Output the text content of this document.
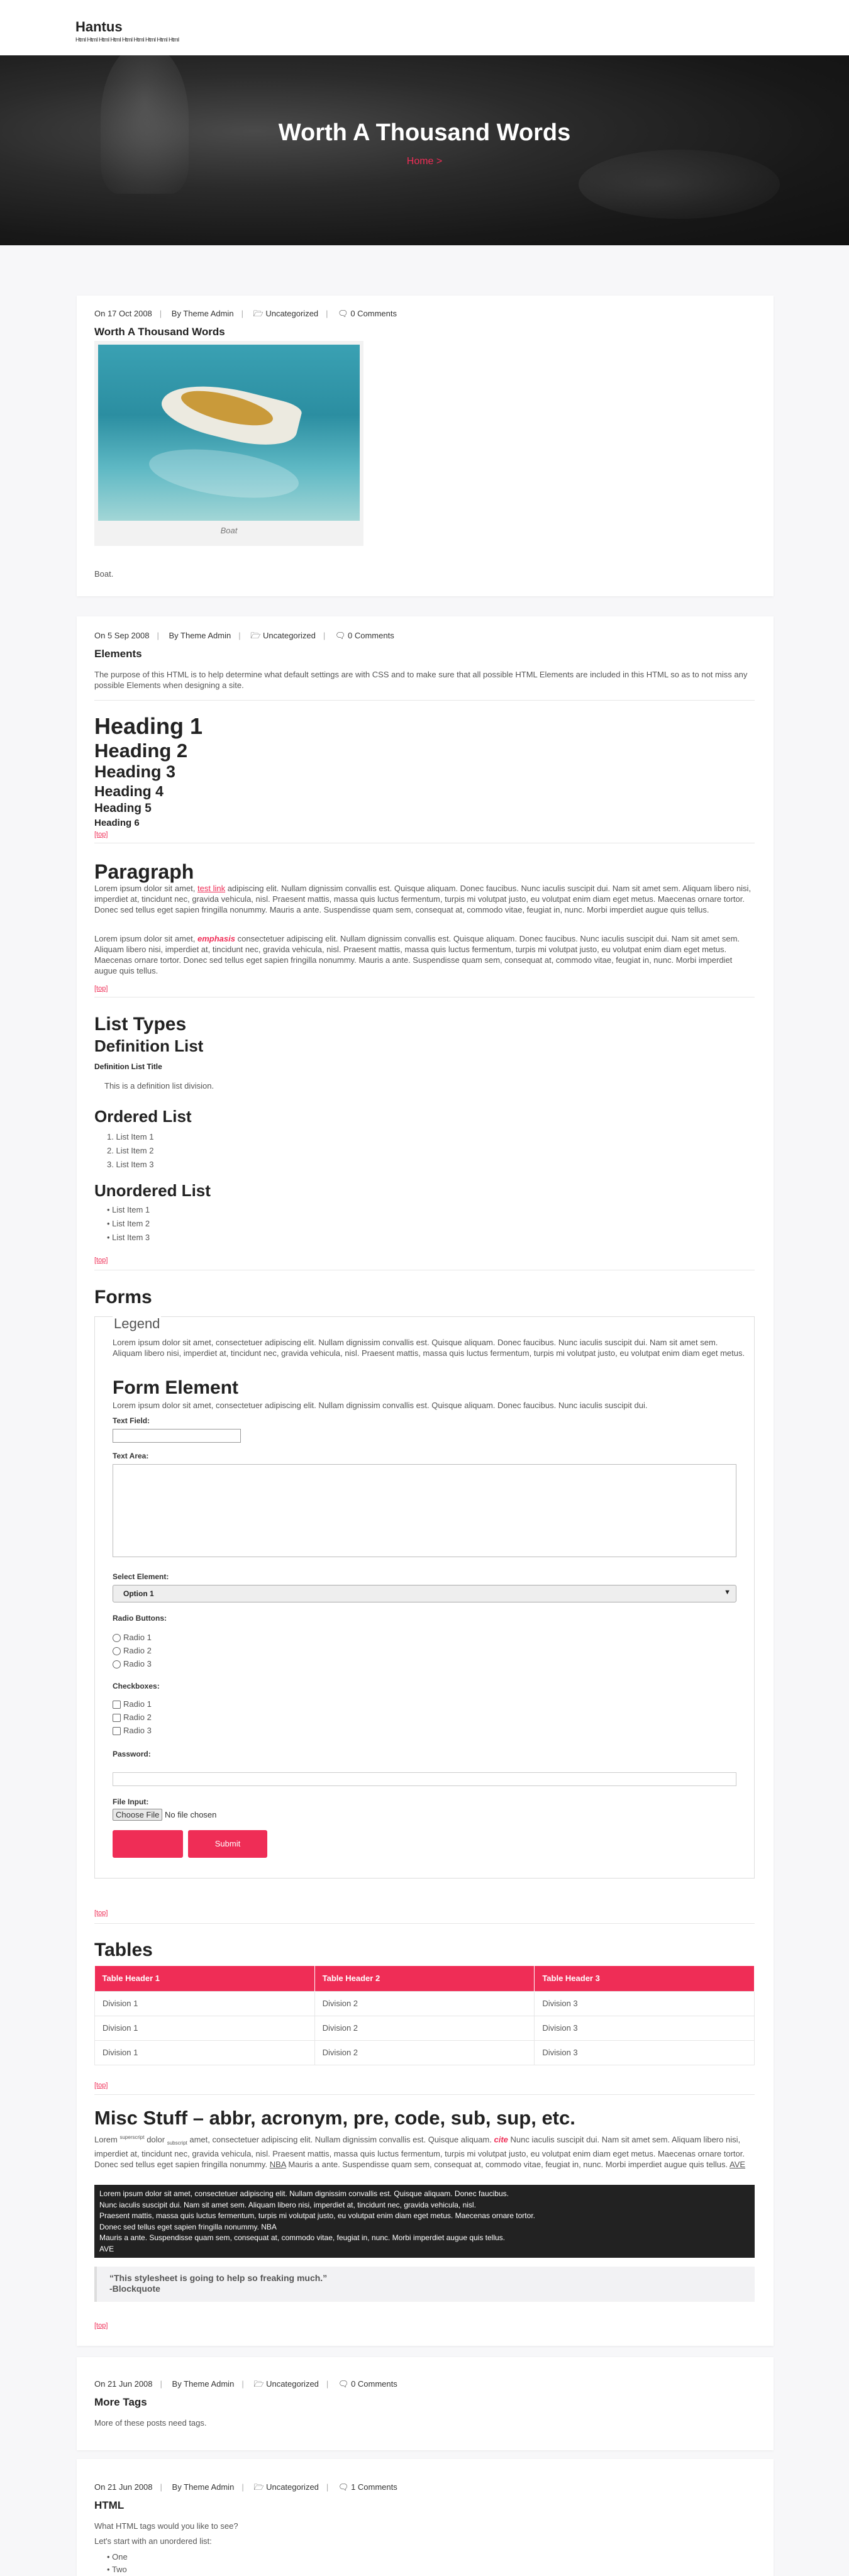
Hantus
Html Html Html Html Html Html Html Html Html
Worth A Thousand Words
Home >
On 17 Oct 2008 | By Theme Admin | 🗁 Uncategorized | 🗨 0 Comments
Worth A Thousand Words
Boat
Boat.
On 5 Sep 2008 | By Theme Admin | 🗁 Uncategorized | 🗨 0 Comments
Elements
The purpose of this HTML is to help determine what default settings are with CSS and to make sure that all possible HTML Elements are included in this HTML so as to not miss any possible Elements when designing a site.
Heading 1
Heading 2
Heading 3
Heading 4
Heading 5
Heading 6
[top]
Paragraph
Lorem ipsum dolor sit amet, test link adipiscing elit. Nullam dignissim convallis est. Quisque aliquam. Donec faucibus. Nunc iaculis suscipit dui. Nam sit amet sem. Aliquam libero nisi, imperdiet at, tincidunt nec, gravida vehicula, nisl. Praesent mattis, massa quis luctus fermentum, turpis mi volutpat justo, eu volutpat enim diam eget metus. Maecenas ornare tortor. Donec sed tellus eget sapien fringilla nonummy. Mauris a ante. Suspendisse quam sem, consequat at, commodo vitae, feugiat in, nunc. Morbi imperdiet augue quis tellus.
Lorem ipsum dolor sit amet, emphasis consectetuer adipiscing elit. Nullam dignissim convallis est. Quisque aliquam. Donec faucibus. Nunc iaculis suscipit dui. Nam sit amet sem. Aliquam libero nisi, imperdiet at, tincidunt nec, gravida vehicula, nisl. Praesent mattis, massa quis luctus fermentum, turpis mi volutpat justo, eu volutpat enim diam eget metus. Maecenas ornare tortor. Donec sed tellus eget sapien fringilla nonummy. Mauris a ante. Suspendisse quam sem, consequat at, commodo vitae, feugiat in, nunc. Morbi imperdiet augue quis tellus.
[top]
List Types
Definition List
Definition List Title
This is a definition list division.
Ordered List
1. List Item 1
2. List Item 2
3. List Item 3
Unordered List
• List Item 1
• List Item 2
• List Item 3
[top]
Forms
Legend
Lorem ipsum dolor sit amet, consectetuer adipiscing elit. Nullam dignissim convallis est. Quisque aliquam. Donec faucibus. Nunc iaculis suscipit dui. Nam sit amet sem. Aliquam libero nisi, imperdiet at, tincidunt nec, gravida vehicula, nisl. Praesent mattis, massa quis luctus fermentum, turpis mi volutpat justo, eu volutpat enim diam eget metus.
Form Element
Lorem ipsum dolor sit amet, consectetuer adipiscing elit. Nullam dignissim convallis est. Quisque aliquam. Donec faucibus. Nunc iaculis suscipit dui.
Text Field:
Text Area:
Select Element:
Option 1	▼
Radio Buttons:
Radio 1
Radio 2
Radio 3
Checkboxes:
Radio 1
Radio 2
Radio 3
Password:
File Input:
Choose File No file chosen
Submit
[top]
Tables
Table Header 1	Table Header 2	Table Header 3
Division 1	Division 2	Division 3
Division 1	Division 2	Division 3
Division 1	Division 2	Division 3
[top]
Misc Stuff – abbr, acronym, pre, code, sub, sup, etc.
Lorem $^{superscript}$ dolor $_{subscript}$ amet, consectetuer adipiscing elit. Nullam dignissim convallis est. Quisque aliquam. cite Nunc iaculis suscipit dui. Nam sit amet sem. Aliquam libero nisi, imperdiet at, tincidunt nec, gravida vehicula, nisl. Praesent mattis, massa quis luctus fermentum, turpis mi volutpat justo, eu volutpat enim diam eget metus. Maecenas ornare tortor. Donec sed tellus eget sapien fringilla nonummy. NBA Mauris a ante. Suspendisse quam sem, consequat at, commodo vitae, feugiat in, nunc. Morbi imperdiet augue quis tellus. AVE
Lorem ipsum dolor sit amet, consectetuer adipiscing elit. Nullam dignissim convallis est. Quisque aliquam. Donec faucibus.
Nunc iaculis suscipit dui. Nam sit amet sem. Aliquam libero nisi, imperdiet at, tincidunt nec, gravida vehicula, nisl.
Praesent mattis, massa quis luctus fermentum, turpis mi volutpat justo, eu volutpat enim diam eget metus. Maecenas ornare tortor.
Donec sed tellus eget sapien fringilla nonummy. NBA
Mauris a ante. Suspendisse quam sem, consequat at, commodo vitae, feugiat in, nunc. Morbi imperdiet augue quis tellus.
AVE
“This stylesheet is going to help so freaking much.”
-Blockquote
[top]
On 21 Jun 2008 | By Theme Admin | 🗁 Uncategorized | 🗨 0 Comments
More Tags
More of these posts need tags.
On 21 Jun 2008 | By Theme Admin | 🗁 Uncategorized | 🗨 1 Comments
HTML
What HTML tags would you like to see?
Let's start with an unordered list:
• One
• Two
